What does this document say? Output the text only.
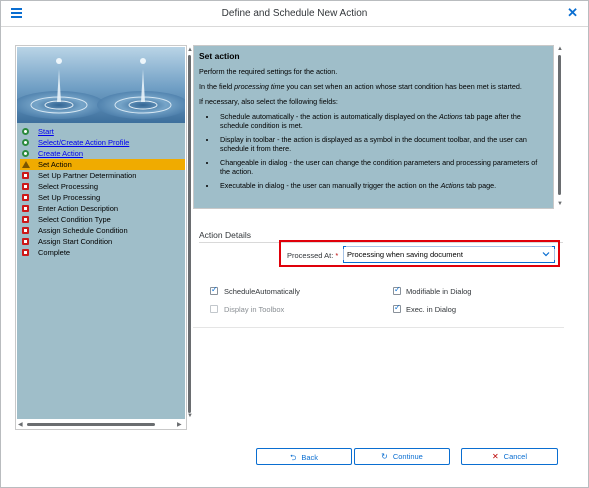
Define and Schedule New Action	✕
Start
Select/Create Action Profile
Create Action
Set Action
Set Up Partner Determination
Select Processing
Set Up Processing
Enter Action Description
Select Condition Type
Assign Schedule Condition
Assign Start Condition
Complete
▲
▼
◀	▶
Set action

Perform the required settings for the action.

In the field processing time you can set when an action whose start condition has been met is started.

If necessary, also select the following fields:

• Schedule automatically - the action is automatically displayed on the Actions tab page after the schedule condition is met.
• Display in toolbar - the action is displayed as a symbol in the document toolbar, and the user can schedule it from there.
• Changeable in dialog - the user can change the condition parameters and processing parameters of the action.
• Executable in dialog - the user can manually trigger the action on the Actions tab page.
▲
▼
Action Details
Processed At: * Processing when saving document
✓
ScheduleAutomatically
Display in Toolbox
✓
Modifiable in Dialog
✓
Exec. in Dialog
⮌ Back	↻ Continue	✕ Cancel
